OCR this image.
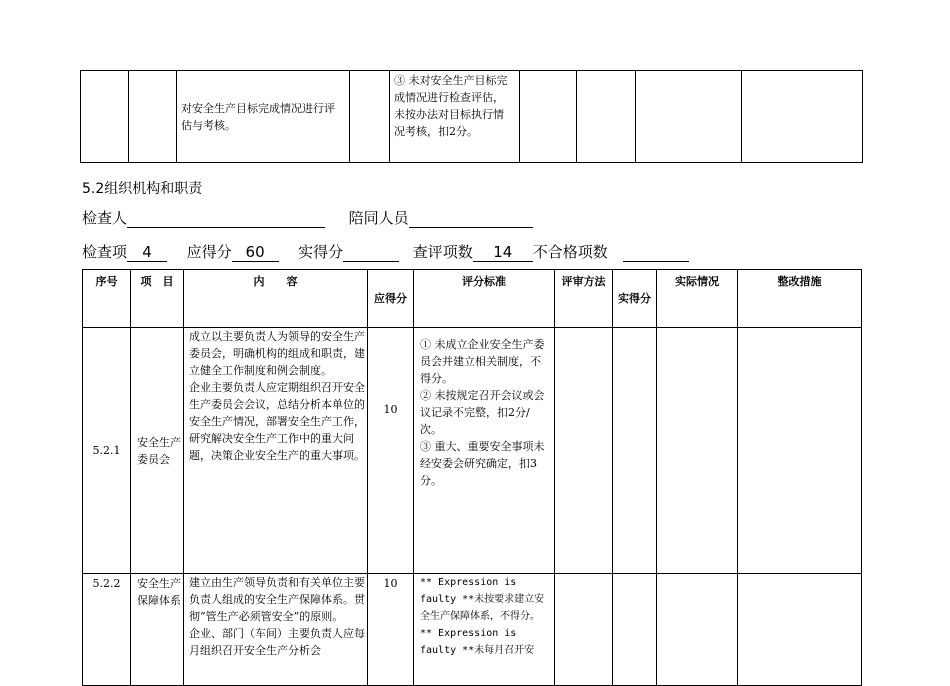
		对安全生产目标完成情况进行评估与考核。		③ 未对安全生产目标完成情况进行检查评估，未按办法对目标执行情况考核，扣2分。				
5.2组织机构和职责
检查人	陪同人员
检查项 4 应得分 60 实得分	查评项数 14 不合格项数
序号	项　目	内　　容	应得分	评分标准	评审方法	实得分	实际情况	整改措施
5.2.1	安全生产委员会	成立以主要负责人为领导的安全生产委员会，明确机构的组成和职责，建立健全工作制度和例会制度。
企业主要负责人应定期组织召开安全生产委员会会议，总结分析本单位的安全生产情况，部署安全生产工作，研究解决安全生产工作中的重大问题，决策企业安全生产的重大事项。	10	① 未成立企业安全生产委员会并建立相关制度，不得分。
② 未按规定召开会议或会议记录不完整，扣2分/次。
③ 重大、重要安全事项未经安委会研究确定，扣3分。				
5.2.2	安全生产保障体系	建立由生产领导负责和有关单位主要负责人组成的安全生产保障体系。贯彻“管生产必须管安全”的原则。
企业、部门（车间）主要负责人应每月组织召开安全生产分析会	10	** Expression is faulty **未按要求建立安全生产保障体系，不得分。
** Expression is faulty **未每月召开安				
